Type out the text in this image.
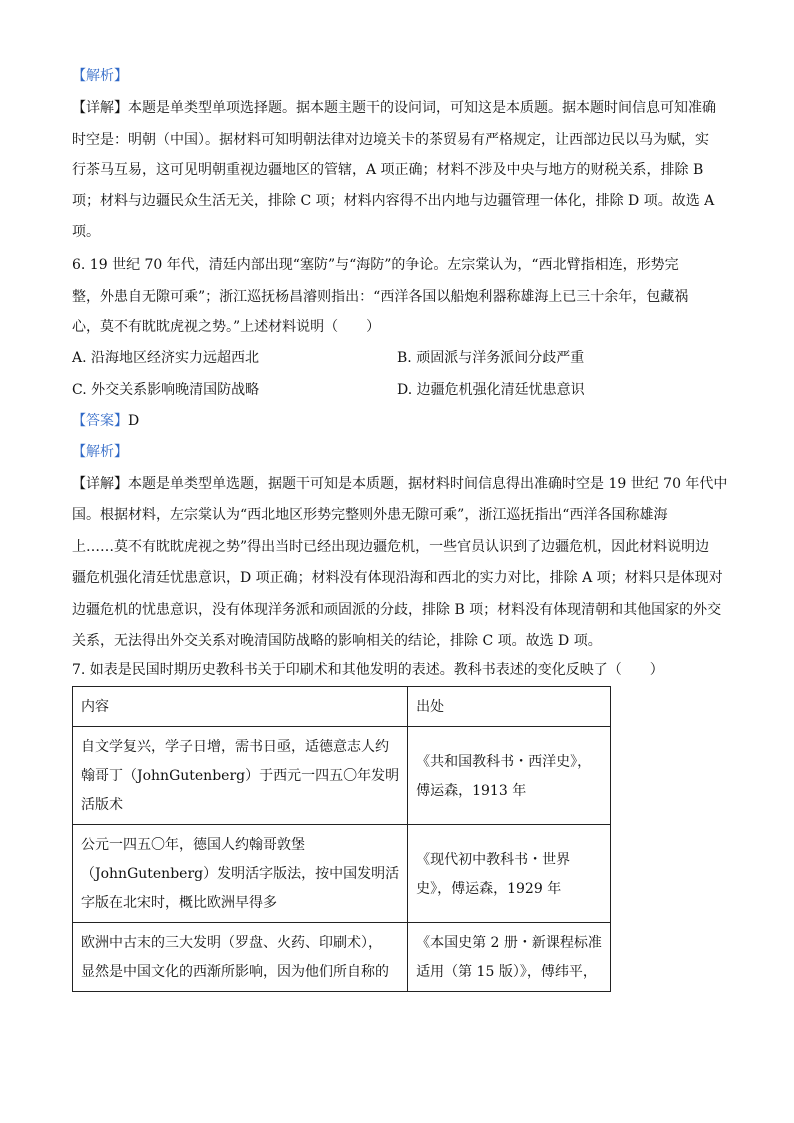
【解析】
【详解】本题是单类型单项选择题。据本题主题干的设问词，可知这是本质题。据本题时间信息可知准确
时空是：明朝（中国）。据材料可知明朝法律对边境关卡的茶贸易有严格规定，让西部边民以马为赋，实
行茶马互易，这可见明朝重视边疆地区的管辖，A 项正确；材料不涉及中央与地方的财税关系，排除 B
项；材料与边疆民众生活无关，排除 C 项；材料内容得不出内地与边疆管理一体化，排除 D 项。故选 A
项。
6. 19 世纪 70 年代，清廷内部出现“塞防”与“海防”的争论。左宗棠认为，“西北臂指相连，形势完
整，外患自无隙可乘”；浙江巡抚杨昌濬则指出：“西洋各国以船炮利器称雄海上已三十余年，包藏祸
心，莫不有眈眈虎视之势。”上述材料说明（　　）
A. 沿海地区经济实力远超西北	B. 顽固派与洋务派间分歧严重
C. 外交关系影响晚清国防战略	D. 边疆危机强化清廷忧患意识
【答案】D
【解析】
【详解】本题是单类型单选题，据题干可知是本质题，据材料时间信息得出准确时空是 19 世纪 70 年代中
国。根据材料，左宗棠认为“西北地区形势完整则外患无隙可乘”，浙江巡抚指出“西洋各国称雄海
上……莫不有眈眈虎视之势”得出当时已经出现边疆危机，一些官员认识到了边疆危机，因此材料说明边
疆危机强化清廷忧患意识，D 项正确；材料没有体现沿海和西北的实力对比，排除 A 项；材料只是体现对
边疆危机的忧患意识，没有体现洋务派和顽固派的分歧，排除 B 项；材料没有体现清朝和其他国家的外交
关系，无法得出外交关系对晚清国防战略的影响相关的结论，排除 C 项。故选 D 项。
7. 如表是民国时期历史教科书关于印刷术和其他发明的表述。教科书表述的变化反映了（　　）
内容	出处

自文学复兴，学子日增，需书日亟，适德意志人约
翰哥丁（JohnGutenberg）于西元一四五〇年发明
活版术	《共和国教科书・西洋史》，
傅运森，1913 年

公元一四五〇年，德国人约翰哥敦堡
（JohnGutenberg）发明活字版法，按中国发明活
字版在北宋时，概比欧洲早得多	《现代初中教科书・世界
史》，傅运森，1929 年

欧洲中古末的三大发明（罗盘、火药、印刷术），
显然是中国文化的西渐所影响，因为他们所自称的	《本国史第 2 册・新课程标准
适用（第 15 版）》，傅纬平，
